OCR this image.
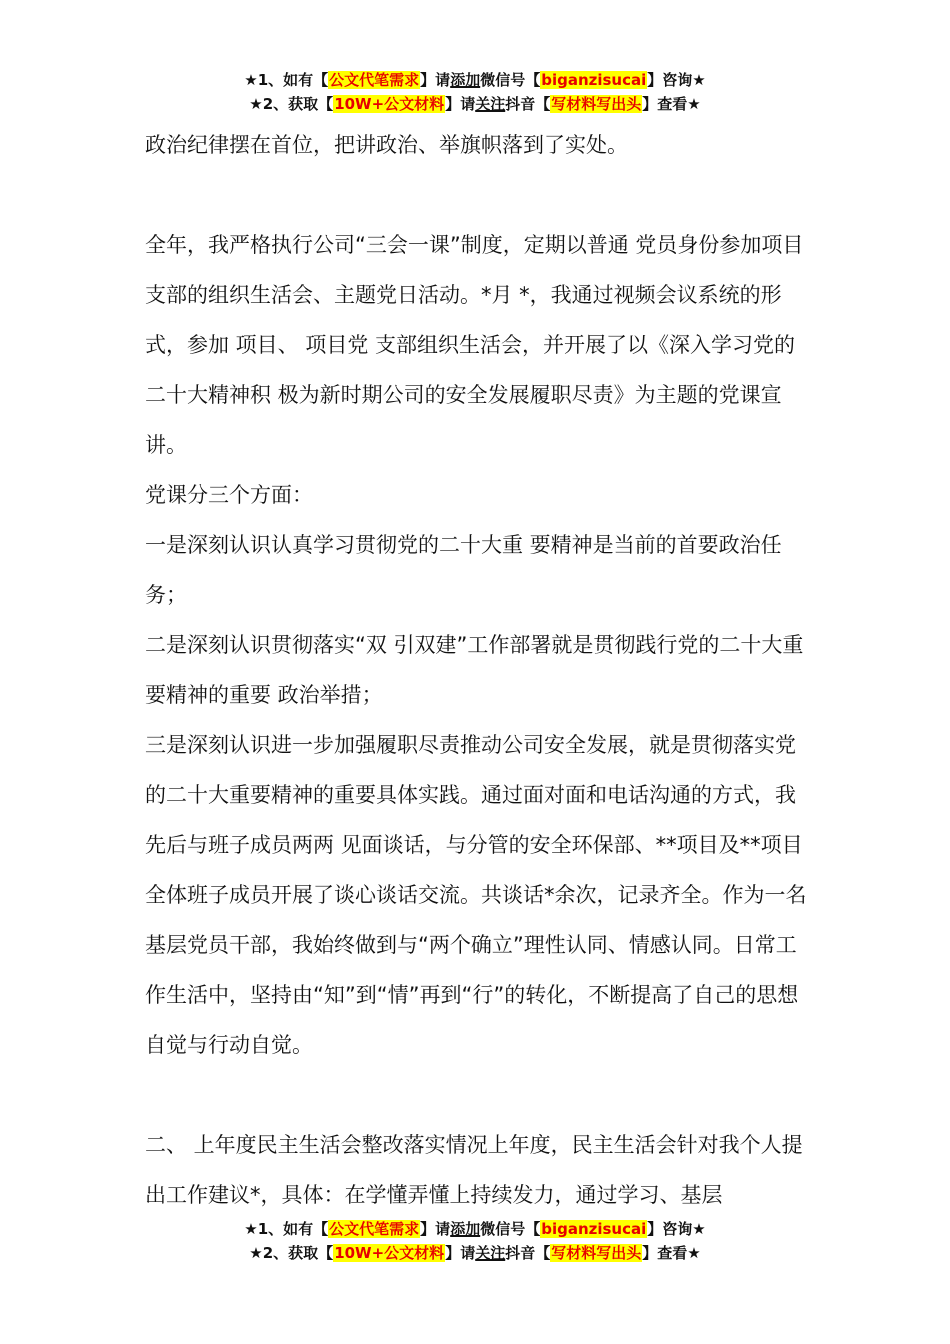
★1、如有【公文代笔需求】请添加微信号【biganzisucai】咨询★
★2、获取【10W+公文材料】请关注抖音【写材料写出头】查看★

政治纪律摆在首位，把讲政治、举旗帜落到了实处。

全年，我严格执行公司“三会一课”制度，定期以普通 党员身份参加项目支部的组织生活会、主题党日活动。*月 *，我通过视频会议系统的形式，参加 项目、 项目党 支部组织生活会，并开展了以《深入学习党的二十大精神积 极为新时期公司的安全发展履职尽责》为主题的党课宣讲。

党课分三个方面：

一是深刻认识认真学习贯彻党的二十大重 要精神是当前的首要政治任务；

二是深刻认识贯彻落实“双 引双建”工作部署就是贯彻践行党的二十大重要精神的重要 政治举措；

三是深刻认识进一步加强履职尽责推动公司安全发展，就是贯彻落实党的二十大重要精神的重要具体实践。通过面对面和电话沟通的方式，我先后与班子成员两两 见面谈话，与分管的安全环保部、**项目及**项目全体班子成员开展了谈心谈话交流。共谈话*余次，记录齐全。作为一名基层党员干部，我始终做到与“两个确立”理性认同、情感认同。日常工作生活中，坚持由“知”到“情”再到“行”的转化，不断提高了自己的思想自觉与行动自觉。

二、 上年度民主生活会整改落实情况上年度，民主生活会针对我个人提出工作建议*，具体：在学懂弄懂上持续发力，通过学习、基层

★1、如有【公文代笔需求】请添加微信号【biganzisucai】咨询★
★2、获取【10W+公文材料】请关注抖音【写材料写出头】查看★
